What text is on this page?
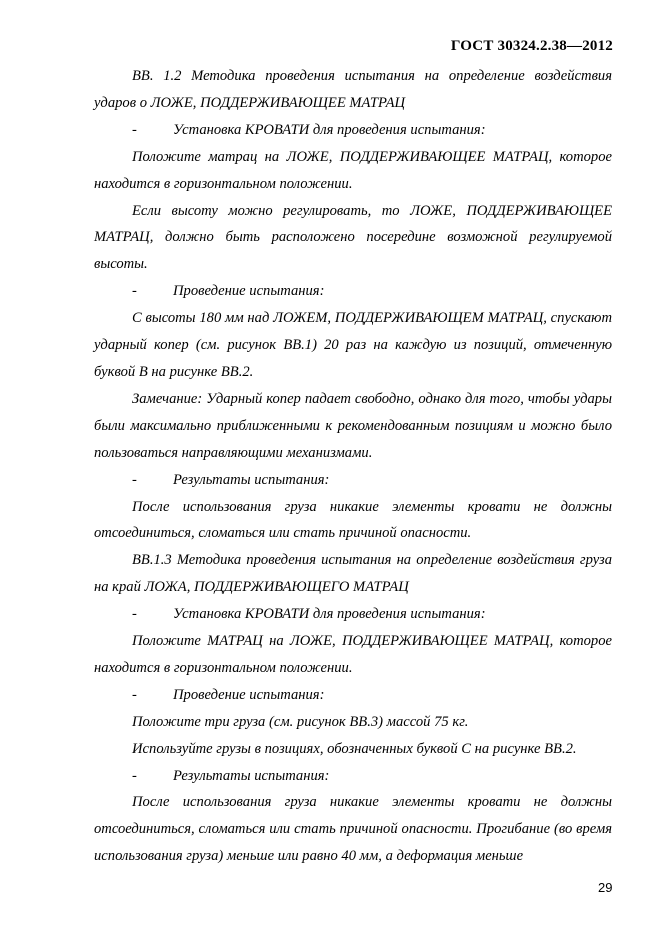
ГОСТ 30324.2.38—2012

ВВ. 1.2 Методика проведения испытания на определение воздействия ударов о ЛОЖЕ, ПОДДЕРЖИВАЮЩЕЕ МАТРАЦ

- Установка КРОВАТИ для проведения испытания:

Положите матрац на ЛОЖЕ, ПОДДЕРЖИВАЮЩЕЕ МАТРАЦ, которое находится в горизонтальном положении.

Если высоту можно регулировать, то ЛОЖЕ, ПОДДЕРЖИВАЮЩЕЕ МАТРАЦ, должно быть расположено посередине возможной регулируемой высоты.

- Проведение испытания:

С высоты 180 мм над ЛОЖЕМ, ПОДДЕРЖИВАЮЩЕМ МАТРАЦ, спускают ударный копер (см. рисунок ВВ.1) 20 раз на каждую из позиций, отмеченную буквой В на рисунке ВВ.2.

Замечание: Ударный копер падает свободно, однако для того, чтобы удары были максимально приближенными к рекомендованным позициям и можно было пользоваться направляющими механизмами.

- Результаты испытания:

После использования груза никакие элементы кровати не должны отсоединиться, сломаться или стать причиной опасности.

ВВ.1.3 Методика проведения испытания на определение воздействия груза на край ЛОЖА, ПОДДЕРЖИВАЮЩЕГО МАТРАЦ

- Установка КРОВАТИ для проведения испытания:

Положите МАТРАЦ на ЛОЖЕ, ПОДДЕРЖИВАЮЩЕЕ МАТРАЦ, которое находится в горизонтальном положении.

- Проведение испытания:

Положите три груза (см. рисунок ВВ.3) массой 75 кг.

Используйте грузы в позициях, обозначенных буквой С на рисунке ВВ.2.

- Результаты испытания:

После использования груза никакие элементы кровати не должны отсоединиться, сломаться или стать причиной опасности. Прогибание (во время использования груза) меньше или равно 40 мм, а деформация меньше

29
